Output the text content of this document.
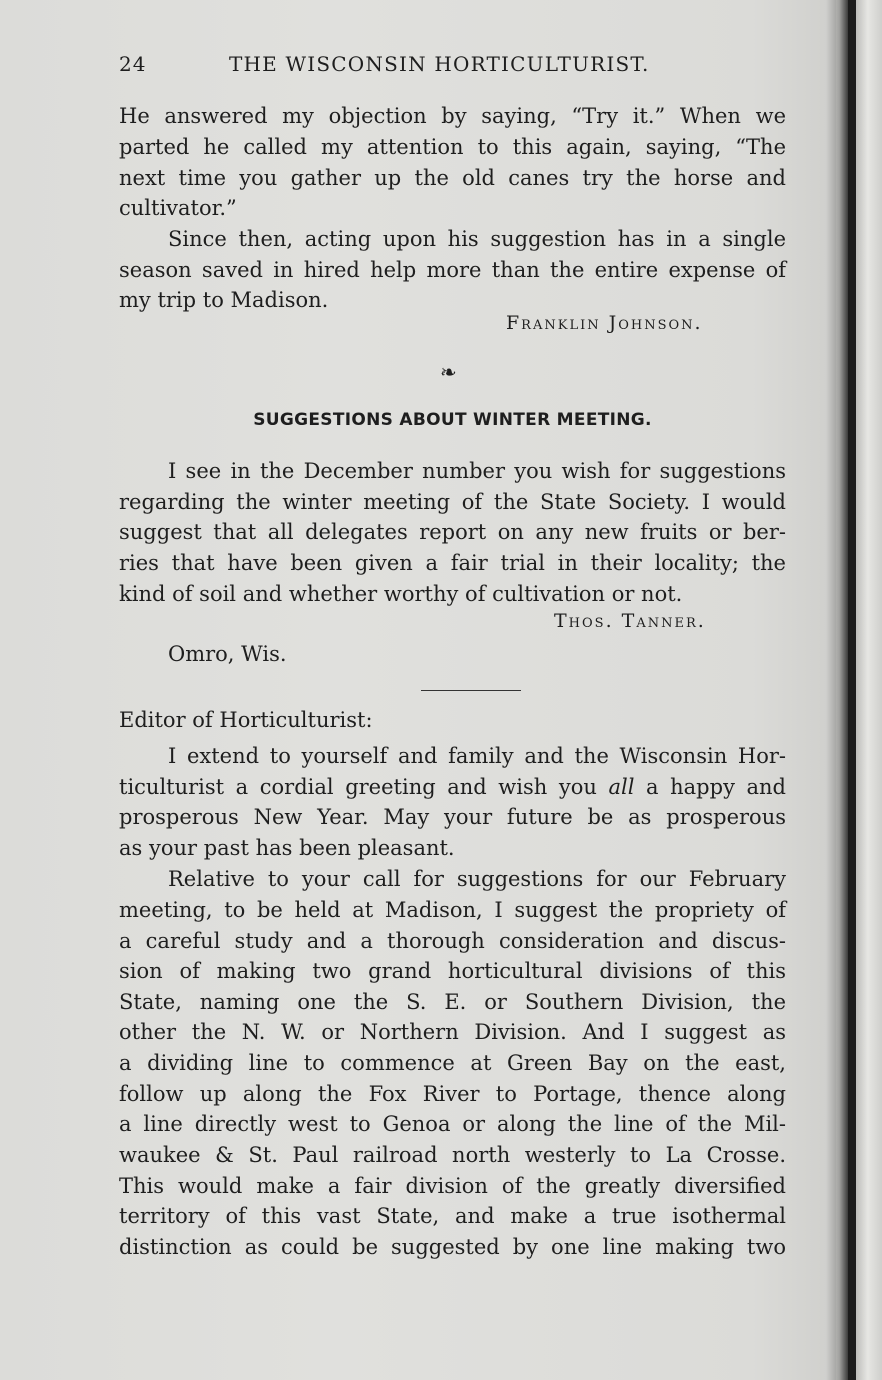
24	THE WISCONSIN HORTICULTURIST.
He answered my objection by saying, “Try it.” When we
parted he called my attention to this again, saying, “The
next time you gather up the old canes try the horse and
cultivator.”
Since then, acting upon his suggestion has in a single
season saved in hired help more than the entire expense of
my trip to Madison.
Franklin Johnson.
❧
SUGGESTIONS ABOUT WINTER MEETING.
I see in the December number you wish for suggestions
regarding the winter meeting of the State Society. I would
suggest that all delegates report on any new fruits or ber-
ries that have been given a fair trial in their locality; the
kind of soil and whether worthy of cultivation or not.
Thos. Tanner.
Omro, Wis.
Editor of Horticulturist:
I extend to yourself and family and the Wisconsin Hor-
ticulturist a cordial greeting and wish you all a happy and
prosperous New Year. May your future be as prosperous
as your past has been pleasant.
Relative to your call for suggestions for our February
meeting, to be held at Madison, I suggest the propriety of
a careful study and a thorough consideration and discus-
sion of making two grand horticultural divisions of this
State, naming one the S. E. or Southern Division, the
other the N. W. or Northern Division. And I suggest as
a dividing line to commence at Green Bay on the east,
follow up along the Fox River to Portage, thence along
a line directly west to Genoa or along the line of the Mil-
waukee & St. Paul railroad north westerly to La Crosse.
This would make a fair division of the greatly diversified
territory of this vast State, and make a true isothermal
distinction as could be suggested by one line making two
